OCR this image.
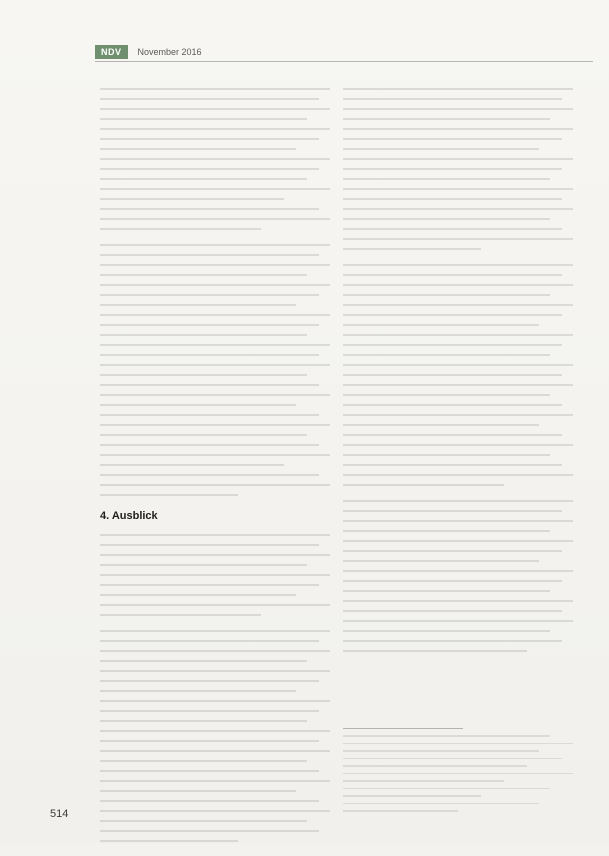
NDV	November 2016
4. Ausblick
514
